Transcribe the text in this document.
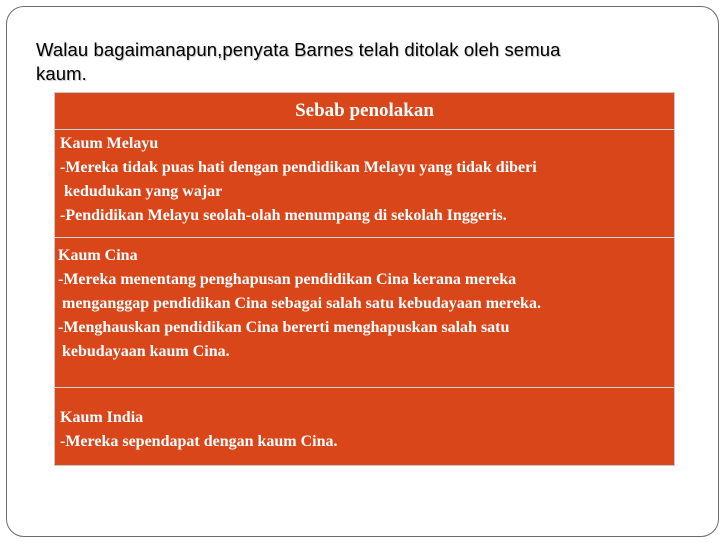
Walau bagaimanapun,penyata Barnes telah ditolak oleh semua
kaum.
Sebab penolakan
Kaum Melayu
-Mereka tidak puas hati dengan pendidikan Melayu yang tidak diberi
kedudukan yang wajar
-Pendidikan Melayu seolah-olah menumpang di sekolah Inggeris.
Kaum Cina
-Mereka menentang penghapusan pendidikan Cina kerana mereka
menganggap pendidikan Cina sebagai salah satu kebudayaan mereka.
-Menghauskan pendidikan Cina bererti menghapuskan salah satu
kebudayaan kaum Cina.
Kaum India
-Mereka sependapat dengan kaum Cina.
